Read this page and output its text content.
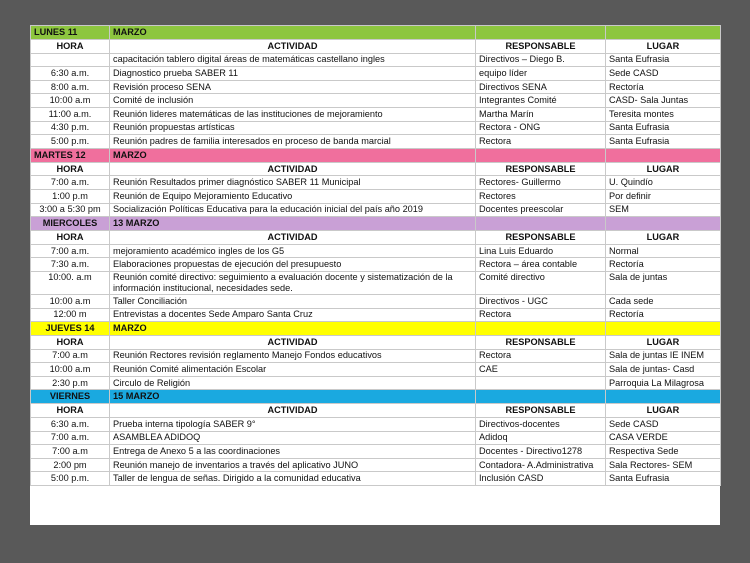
LUNES 11	MARZO		
HORA	ACTIVIDAD	RESPONSABLE	LUGAR
	capacitación tablero digital áreas de matemáticas castellano ingles	Directivos – Diego B.	Santa Eufrasia
6:30 a.m.	Diagnostico prueba SABER 11	equipo líder	Sede CASD
8:00 a.m.	Revisión proceso SENA	Directivos SENA	Rectoría
10:00 a.m	Comité de inclusión	Integrantes Comité	CASD- Sala Juntas
11:00 a.m.	Reunión lideres matemáticas de las instituciones de mejoramiento	Martha Marín	Teresita montes
4:30 p.m.	Reunión propuestas artísticas	Rectora - ONG	Santa Eufrasia
5:00 p.m.	Reunión padres de familia interesados en proceso de banda marcial	Rectora	Santa Eufrasia
MARTES 12	MARZO		
HORA	ACTIVIDAD	RESPONSABLE	LUGAR
7:00 a.m.	Reunión Resultados primer diagnóstico SABER 11 Municipal	Rectores- Guillermo	U. Quindío
1:00 p.m	Reunión de Equipo Mejoramiento Educativo	Rectores	Por definir
3:00 a 5:30 pm	Socialización Políticas Educativa para la educación inicial del país año 2019	Docentes preescolar	SEM
MIERCOLES	13 MARZO		
HORA	ACTIVIDAD	RESPONSABLE	LUGAR
7:00 a.m.	mejoramiento académico ingles de los G5	Lina Luis Eduardo	Normal
7:30 a.m.	Elaboraciones propuestas de ejecución del presupuesto	Rectora – área contable	Rectoría
10:00. a.m	Reunión comité directivo: seguimiento a evaluación docente y sistematización de la información institucional, necesidades sede.	Comité directivo	Sala de juntas
10:00 a.m	Taller Conciliación	Directivos - UGC	Cada sede
12:00 m	Entrevistas a docentes Sede Amparo Santa Cruz	Rectora	Rectoría
JUEVES 14	MARZO		
HORA	ACTIVIDAD	RESPONSABLE	LUGAR
7:00 a.m	Reunión Rectores revisión reglamento Manejo Fondos educativos	Rectora	Sala de juntas IE INEM
10:00 a.m	Reunión Comité alimentación Escolar	CAE	Sala de juntas- Casd
2:30 p.m	Circulo de Religión		Parroquia La Milagrosa
VIERNES	15 MARZO		
HORA	ACTIVIDAD	RESPONSABLE	LUGAR
6:30 a.m.	Prueba interna tipología SABER 9°	Directivos-docentes	Sede CASD
7:00 a.m.	ASAMBLEA ADIDOQ	Adidoq	CASA VERDE
7:00 a.m	Entrega de Anexo 5 a las coordinaciones	Docentes - Directivo1278	Respectiva Sede
2:00 pm	Reunión manejo de inventarios a través del aplicativo JUNO	Contadora- A.Administrativa	Sala Rectores- SEM
5:00 p.m.	Taller de lengua de señas. Dirigido a la comunidad educativa	Inclusión CASD	Santa Eufrasia
